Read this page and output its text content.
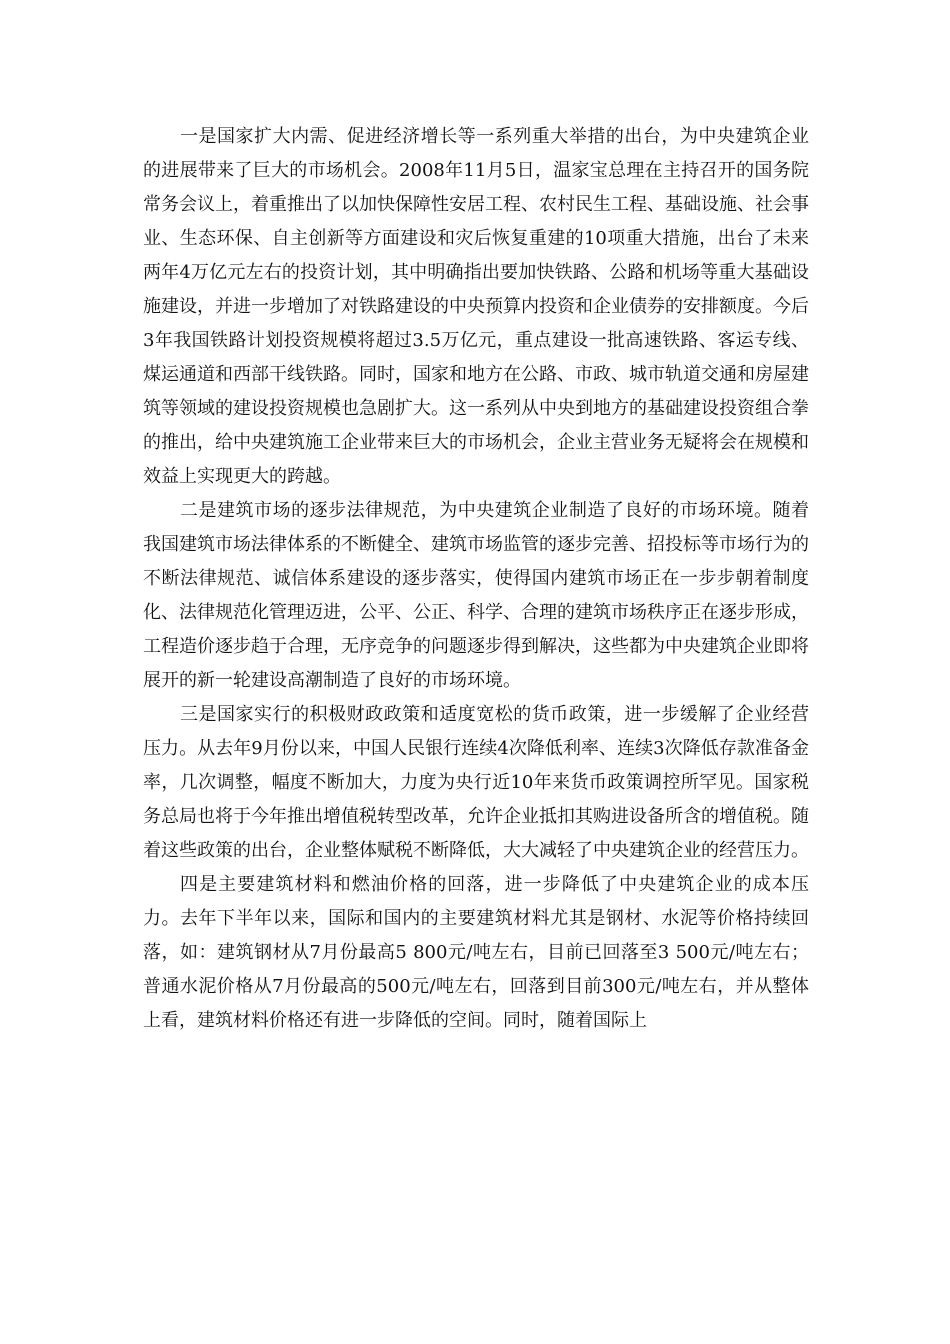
一是国家扩大内需、促进经济增长等一系列重大举措的出台，为中央建筑企业的进展带来了巨大的市场机会。2008年11月5日，温家宝总理在主持召开的国务院常务会议上，着重推出了以加快保障性安居工程、农村民生工程、基础设施、社会事业、生态环保、自主创新等方面建设和灾后恢复重建的10项重大措施，出台了未来两年4万亿元左右的投资计划，其中明确指出要加快铁路、公路和机场等重大基础设施建设，并进一步增加了对铁路建设的中央预算内投资和企业债券的安排额度。今后3年我国铁路计划投资规模将超过3.5万亿元，重点建设一批高速铁路、客运专线、煤运通道和西部干线铁路。同时，国家和地方在公路、市政、城市轨道交通和房屋建筑等领域的建设投资规模也急剧扩大。这一系列从中央到地方的基础建设投资组合拳的推出，给中央建筑施工企业带来巨大的市场机会，企业主营业务无疑将会在规模和效益上实现更大的跨越。

二是建筑市场的逐步法律规范，为中央建筑企业制造了良好的市场环境。随着我国建筑市场法律体系的不断健全、建筑市场监管的逐步完善、招投标等市场行为的不断法律规范、诚信体系建设的逐步落实，使得国内建筑市场正在一步步朝着制度化、法律规范化管理迈进，公平、公正、科学、合理的建筑市场秩序正在逐步形成，工程造价逐步趋于合理，无序竞争的问题逐步得到解决，这些都为中央建筑企业即将展开的新一轮建设高潮制造了良好的市场环境。

三是国家实行的积极财政政策和适度宽松的货币政策，进一步缓解了企业经营压力。从去年9月份以来，中国人民银行连续4次降低利率、连续3次降低存款准备金率，几次调整，幅度不断加大，力度为央行近10年来货币政策调控所罕见。国家税务总局也将于今年推出增值税转型改革，允许企业抵扣其购进设备所含的增值税。随着这些政策的出台，企业整体赋税不断降低，大大减轻了中央建筑企业的经营压力。

四是主要建筑材料和燃油价格的回落，进一步降低了中央建筑企业的成本压力。去年下半年以来，国际和国内的主要建筑材料尤其是钢材、水泥等价格持续回落，如：建筑钢材从7月份最高5 800元/吨左右，目前已回落至3 500元/吨左右；普通水泥价格从7月份最高的500元/吨左右，回落到目前300元/吨左右，并从整体上看，建筑材料价格还有进一步降低的空间。同时，随着国际上
